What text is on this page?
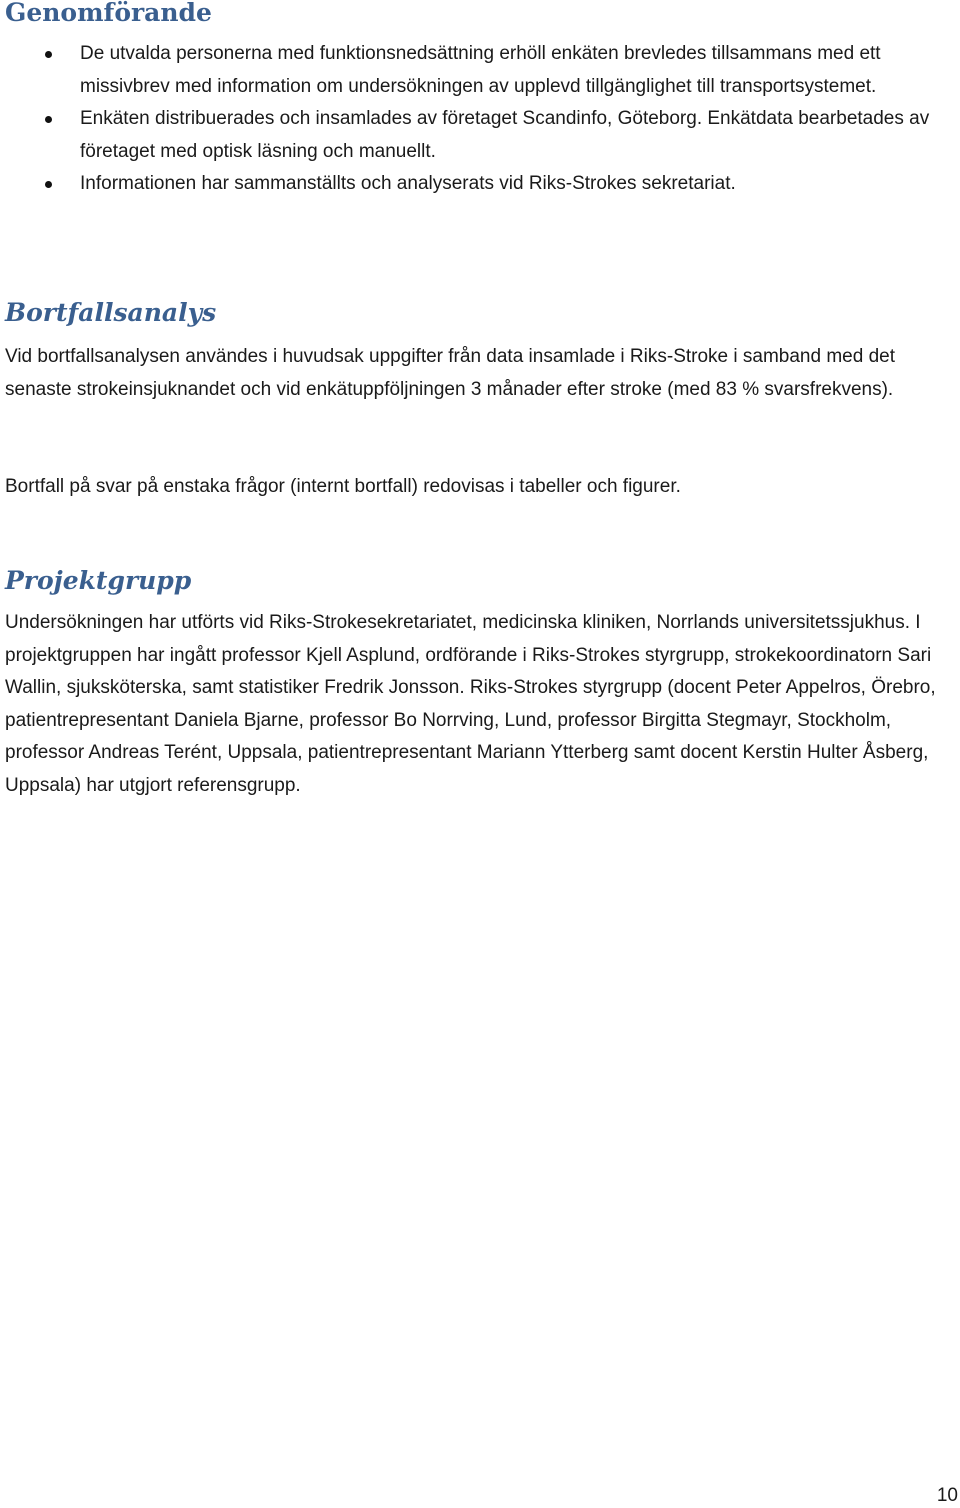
Genomförande
De utvalda personerna med funktionsnedsättning erhöll enkäten brevledes tillsammans med ett missivbrev med information om undersökningen av upplevd tillgänglighet till transportsystemet.
Enkäten distribuerades och insamlades av företaget Scandinfo, Göteborg. Enkätdata bearbetades av företaget med optisk läsning och manuellt.
Informationen har sammanställts och analyserats vid Riks-Strokes sekretariat.
Bortfallsanalys

Vid bortfallsanalysen användes i huvudsak uppgifter från data insamlade i Riks-Stroke i samband med det senaste strokeinsjuknandet och vid enkätuppföljningen 3 månader efter stroke (med 83 % svarsfrekvens).

Bortfall på svar på enstaka frågor (internt bortfall) redovisas i tabeller och figurer.

Projektgrupp

Undersökningen har utförts vid Riks-Strokesekretariatet, medicinska kliniken, Norrlands universitetssjukhus. I projektgruppen har ingått professor Kjell Asplund, ordförande i Riks-Strokes styrgrupp, strokekoordinatorn Sari Wallin, sjuksköterska, samt statistiker Fredrik Jonsson. Riks-Strokes styrgrupp (docent Peter Appelros, Örebro, patientrepresentant Daniela Bjarne, professor Bo Norrving, Lund, professor Birgitta Stegmayr, Stockholm, professor Andreas Terént, Uppsala, patientrepresentant Mariann Ytterberg samt docent Kerstin Hulter Åsberg, Uppsala) har utgjort referensgrupp.

10
